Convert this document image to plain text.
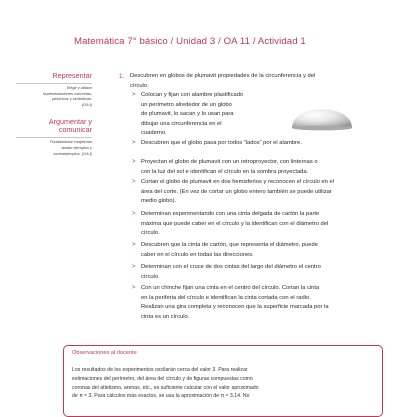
Matemática 7° básico / Unidad 3 / OA 11 / Actividad 1
Representar

Elegir y utilizar
representaciones concretas,
pictóricas y simbólicas.
(OA f)

Argumentar y
comunicar

Fundamentar conjeturas
dando ejemplos y
contraejemplos. (OA f)

1. Descubren en globos de plumavit propiedades de la circunferencia y del
círculo.
> Colocan y fijan con alambre plastificado
un perímetro alrededor de un globo
de plumavit, lo sacan y lo usan para
dibujar una circunferencia en el
cuaderno.
> Descubren que el globo pasa por todos “lados” por el alambre.
> Proyectan el globo de plumavit con un retroproyector, con linternas o
con la luz del sol e identifican el círculo en la sombra proyectada.
> Cortan el globo de plumavit en dos hemisferios y reconocen el círculo en el
área del corte. (En vez de cortar un globo entero también se puede utilizar
medio globo).
> Determinan experimentando con una cinta delgada de cartón la parte
máxima que puede caber en el círculo y la identifican con el diámetro del
círculo.
> Descubren que la cinta de cartón, que representa el diámetro, puede
caber en el círculo en todas las direcciones.
> Determinan con el cruce de dos cintas del largo del diámetro el centro
círculo.
> Con un chinche fijan una cinta en el centro del círculo. Cortan la cinta
en la periferia del círculo e identifican la cinta cortada con el radio.
Realizan una gira completa y reconocen que la superficie marcada por la
cinta es un círculo.
Observaciones al docente
Los resultados de los experimentos oscilarán cerca del valor 3. Para realizar
estimaciones del perímetro, del área del círculo y de figuras compuestas como
coronas del atletismo, arenas, etc., es suficiente calcular con el valor aproximado
de π ≈ 3. Para cálculos más exactos, se usa la aproximación de π ≈ 3,14. No
